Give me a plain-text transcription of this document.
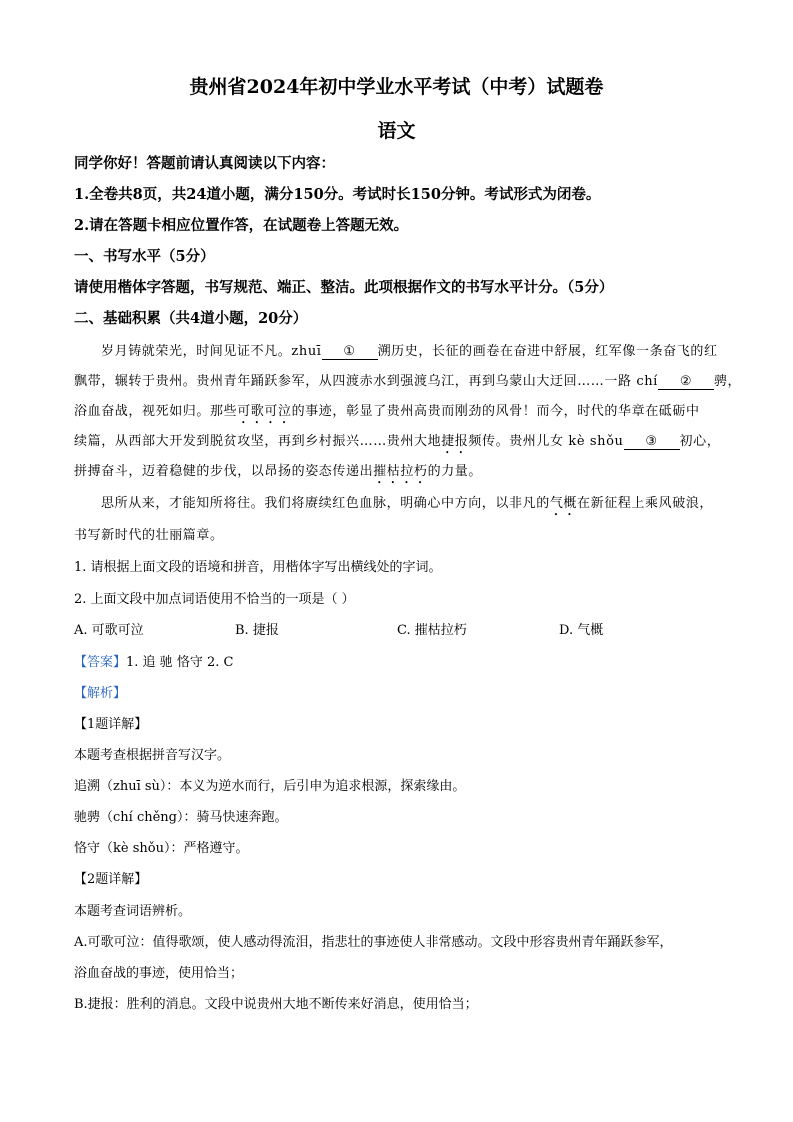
贵州省2024年初中学业水平考试（中考）试题卷
语文
同学你好！答题前请认真阅读以下内容：
1.全卷共8页，共24道小题，满分150分。考试时长150分钟。考试形式为闭卷。
2.请在答题卡相应位置作答，在试题卷上答题无效。
一、书写水平（5分）
请使用楷体字答题，书写规范、端正、整洁。此项根据作文的书写水平计分。（5分）
二、基础积累（共4道小题，20分）
岁月铸就荣光，时间见证不凡。zhuī ① 溯历史，长征的画卷在奋进中舒展，红军像一条奋飞的红
飘带，辗转于贵州。贵州青年踊跃参军，从四渡赤水到强渡乌江，再到乌蒙山大迂回……一路 chí ② 骋，
浴血奋战，视死如归。那些可歌可泣的事迹，彰显了贵州高贵而刚劲的风骨！而今，时代的华章在砥砺中
续篇，从西部大开发到脱贫攻坚，再到乡村振兴……贵州大地捷报频传。贵州儿女 kè shǒu ③ 初心，
拼搏奋斗，迈着稳健的步伐，以昂扬的姿态传递出摧枯拉朽的力量。
思所从来，才能知所将往。我们将赓续红色血脉，明确心中方向，以非凡的气概在新征程上乘风破浪，
书写新时代的壮丽篇章。
1. 请根据上面文段的语境和拼音，用楷体字写出横线处的字词。
2. 上面文段中加点词语使用不恰当的一项是（ ）
A. 可歌可泣	B. 捷报	C. 摧枯拉朽	D. 气概
【答案】1. 追 驰 恪守 2. C
【解析】
【1题详解】
本题考查根据拼音写汉字。
追溯（zhuī sù）：本义为逆水而行，后引申为追求根源，探索缘由。
驰骋（chí chěng）：骑马快速奔跑。
恪守（kè shǒu）：严格遵守。
【2题详解】
本题考查词语辨析。
A.可歌可泣：值得歌颂，使人感动得流泪，指悲壮的事迹使人非常感动。文段中形容贵州青年踊跃参军，
浴血奋战的事迹，使用恰当；
B.捷报：胜利的消息。文段中说贵州大地不断传来好消息，使用恰当；
